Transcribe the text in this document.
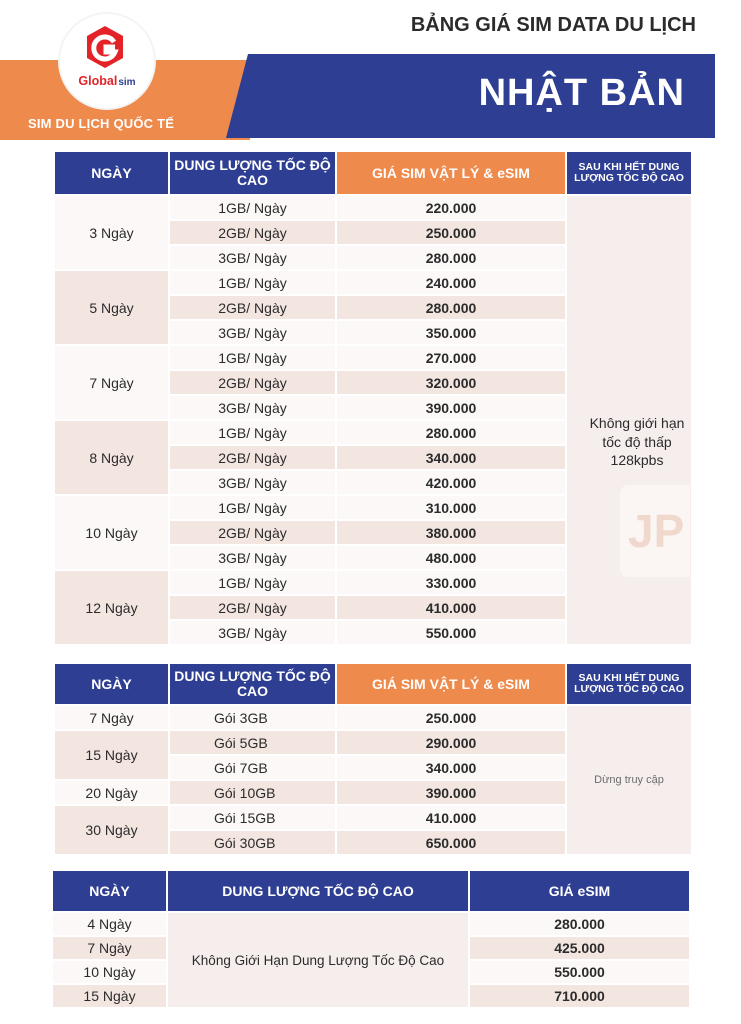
Globalsim
SIM DU LỊCH QUỐC TẾ
BẢNG GIÁ SIM DATA DU LỊCH
NHẬT BẢN
NGÀY	DUNG LƯỢNG TỐC ĐỘ CAO	GIÁ SIM VẬT LÝ & eSIM	SAU KHI HẾT DUNG LƯỢNG TỐC ĐỘ CAO
3 Ngày	1GB/ Ngày	220.000	Không giới hạn tốc độ thấp 128kpbs
	2GB/ Ngày	250.000	
	3GB/ Ngày	280.000	
5 Ngày	1GB/ Ngày	240.000	
	2GB/ Ngày	280.000	
	3GB/ Ngày	350.000	
7 Ngày	1GB/ Ngày	270.000	
	2GB/ Ngày	320.000	
	3GB/ Ngày	390.000	
8 Ngày	1GB/ Ngày	280.000	
	2GB/ Ngày	340.000	
	3GB/ Ngày	420.000	
10 Ngày	1GB/ Ngày	310.000	
	2GB/ Ngày	380.000	
	3GB/ Ngày	480.000	
12 Ngày	1GB/ Ngày	330.000	
	2GB/ Ngày	410.000	
	3GB/ Ngày	550.000	
JP
NGÀY	DUNG LƯỢNG TỐC ĐỘ CAO	GIÁ SIM VẬT LÝ & eSIM	SAU KHI HẾT DUNG LƯỢNG TỐC ĐỘ CAO
7 Ngày	Gói 3GB	250.000	Dừng truy cập
15 Ngày	Gói 5GB	290.000	
	Gói 7GB	340.000	
20 Ngày	Gói 10GB	390.000	
30 Ngày	Gói 15GB	410.000	
	Gói 30GB	650.000	
NGÀY	DUNG LƯỢNG TỐC ĐỘ CAO	GIÁ eSIM
4 Ngày	Không Giới Hạn Dung Lượng Tốc Độ Cao	280.000
7 Ngày		425.000
10 Ngày		550.000
15 Ngày		710.000
